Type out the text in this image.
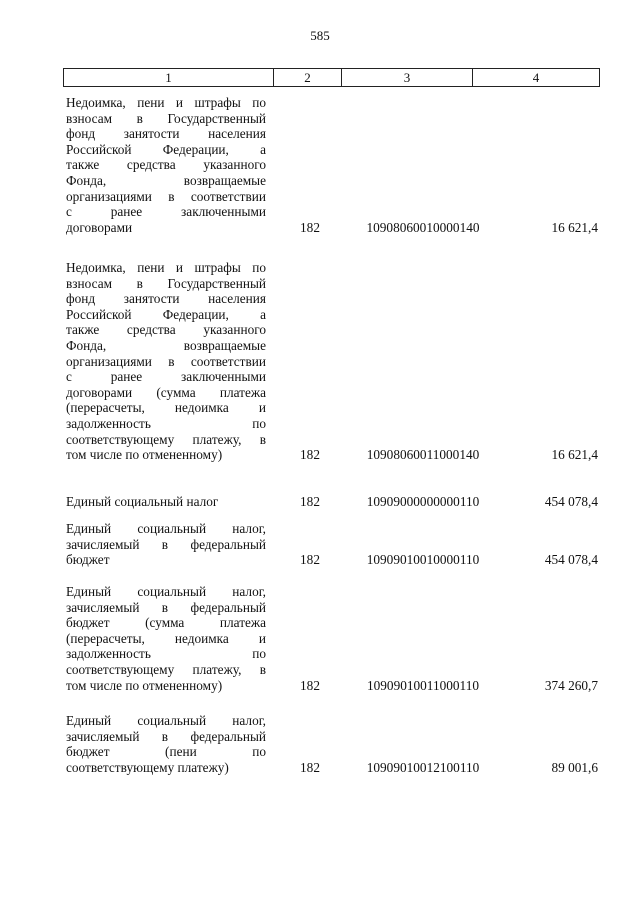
585
1	2	3	4
Недоимка, пени и штрафы по
взносам в Государственный
фонд занятости населения
Российской Федерации, а
также средства указанного
Фонда, возвращаемые
организациями в соответствии
с ранее заключенными
договорами	182	10908060010000140	16 621,4
Недоимка, пени и штрафы по
взносам в Государственный
фонд занятости населения
Российской Федерации, а
также средства указанного
Фонда, возвращаемые
организациями в соответствии
с ранее заключенными
договорами (сумма платежа
(перерасчеты, недоимка и
задолженность по
соответствующему платежу, в
том числе по отмененному)	182	10908060011000140	16 621,4
Единый социальный налог	182	10909000000000110	454 078,4
Единый социальный налог,
зачисляемый в федеральный
бюджет	182	10909010010000110	454 078,4
Единый социальный налог,
зачисляемый в федеральный
бюджет (сумма платежа
(перерасчеты, недоимка и
задолженность по
соответствующему платежу, в
том числе по отмененному)	182	10909010011000110	374 260,7
Единый социальный налог,
зачисляемый в федеральный
бюджет (пени по
соответствующему платежу)	182	10909010012100110	89 001,6
